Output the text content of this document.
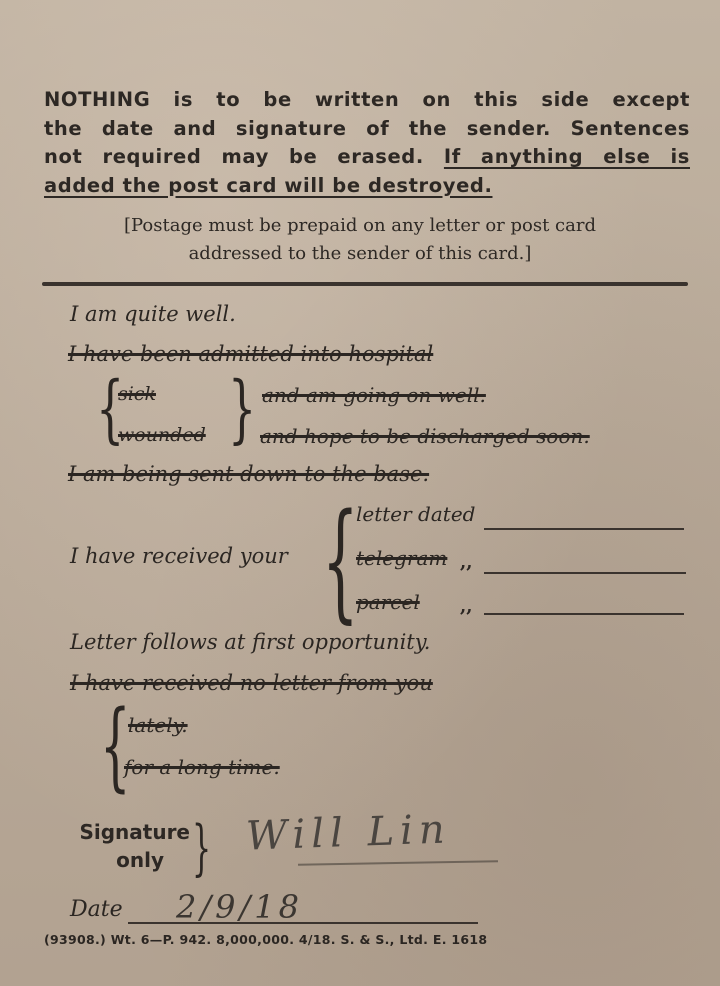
NOTHING is to be written on this side except
the date and signature of the sender. Sentences
not required may be erased. If anything else is
added the post card will be destroyed.
[Postage must be prepaid on any letter or post card
addressed to the sender of this card.]
I am quite well.
I have been admitted into hospital
{
sick
wounded } and am going on well.
and hope to be discharged soon.
I am being sent down to the base.
I have received your {
letter dated
telegram ,,
parcel ,,
Letter follows at first opportunity.
I have received no letter from you
{
lately.
for a long time.
Signature
only } Will Lin
Date 2/9/18
(93908.) Wt. 6—P. 942. 8,000,000. 4/18. S. & S., Ltd. E. 1618
